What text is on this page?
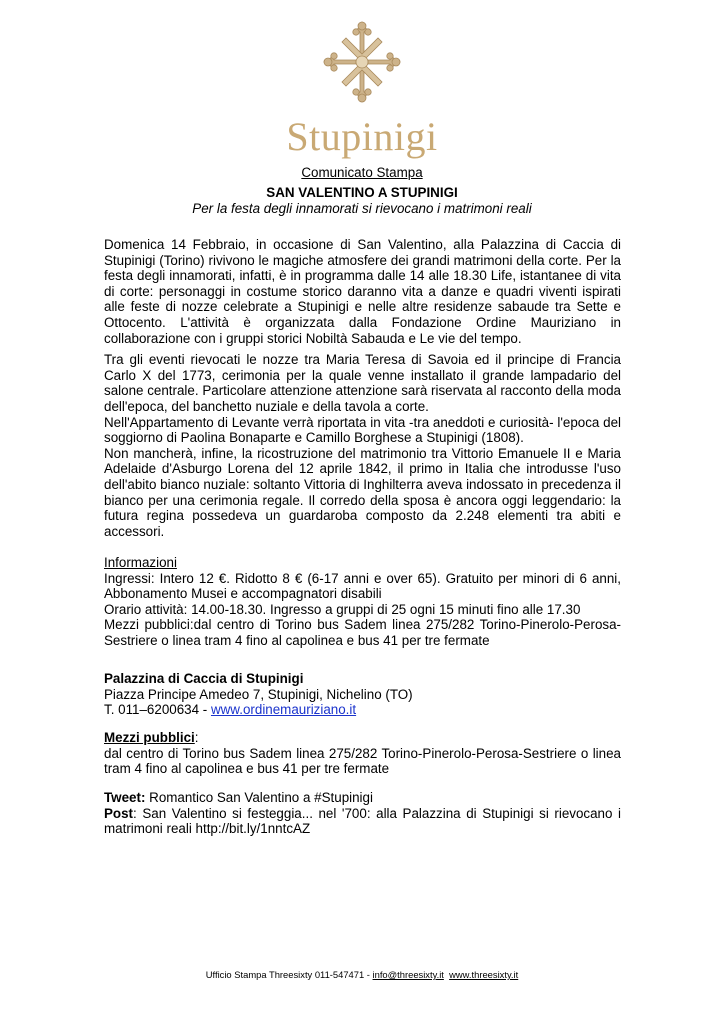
Stupinigi
Comunicato Stampa
SAN VALENTINO A STUPINIGI
Per la festa degli innamorati si rievocano i matrimoni reali

Domenica 14 Febbraio, in occasione di San Valentino, alla Palazzina di Caccia di Stupinigi (Torino) rivivono le magiche atmosfere dei grandi matrimoni della corte. Per la festa degli innamorati, infatti, è in programma dalle 14 alle 18.30 Life, istantanee di vita di corte: personaggi in costume storico daranno vita a danze e quadri viventi ispirati alle feste di nozze celebrate a Stupinigi e nelle altre residenze sabaude tra Sette e Ottocento. L'attività è organizzata dalla Fondazione Ordine Mauriziano in collaborazione con i gruppi storici Nobiltà Sabauda e Le vie del tempo.

Tra gli eventi rievocati le nozze tra Maria Teresa di Savoia ed il principe di Francia Carlo X del 1773, cerimonia per la quale venne installato il grande lampadario del salone centrale. Particolare attenzione attenzione sarà riservata al racconto della moda dell'epoca, del banchetto nuziale e della tavola a corte.

Nell'Appartamento di Levante verrà riportata in vita -tra aneddoti e curiosità- l'epoca del soggiorno di Paolina Bonaparte e Camillo Borghese a Stupinigi (1808).

Non mancherà, infine, la ricostruzione del matrimonio tra Vittorio Emanuele II e Maria Adelaide d'Asburgo Lorena del 12 aprile 1842, il primo in Italia che introdusse l'uso dell'abito bianco nuziale: soltanto Vittoria di Inghilterra aveva indossato in precedenza il bianco per una cerimonia regale. Il corredo della sposa è ancora oggi leggendario: la futura regina possedeva un guardaroba composto da 2.248 elementi tra abiti e accessori.

Informazioni

Ingressi: Intero 12 €. Ridotto 8 € (6-17 anni e over 65). Gratuito per minori di 6 anni, Abbonamento Musei e accompagnatori disabili

Orario attività: 14.00-18.30. Ingresso a gruppi di 25 ogni 15 minuti fino alle 17.30

Mezzi pubblici:dal centro di Torino bus Sadem linea 275/282 Torino-Pinerolo-Perosa-Sestriere o linea tram 4 fino al capolinea e bus 41 per tre fermate

Palazzina di Caccia di Stupinigi

Piazza Principe Amedeo 7, Stupinigi, Nichelino (TO)

T. 011–6200634 - www.ordinemauriziano.it

Mezzi pubblici:

dal centro di Torino bus Sadem linea 275/282 Torino-Pinerolo-Perosa-Sestriere o linea tram 4 fino al capolinea e bus 41 per tre fermate

Tweet: Romantico San Valentino a #Stupinigi

Post: San Valentino si festeggia... nel '700: alla Palazzina di Stupinigi si rievocano i matrimoni reali http://bit.ly/1nntcAZ

Ufficio Stampa Threesixty 011-547471 - info@threesixty.it www.threesixty.it
